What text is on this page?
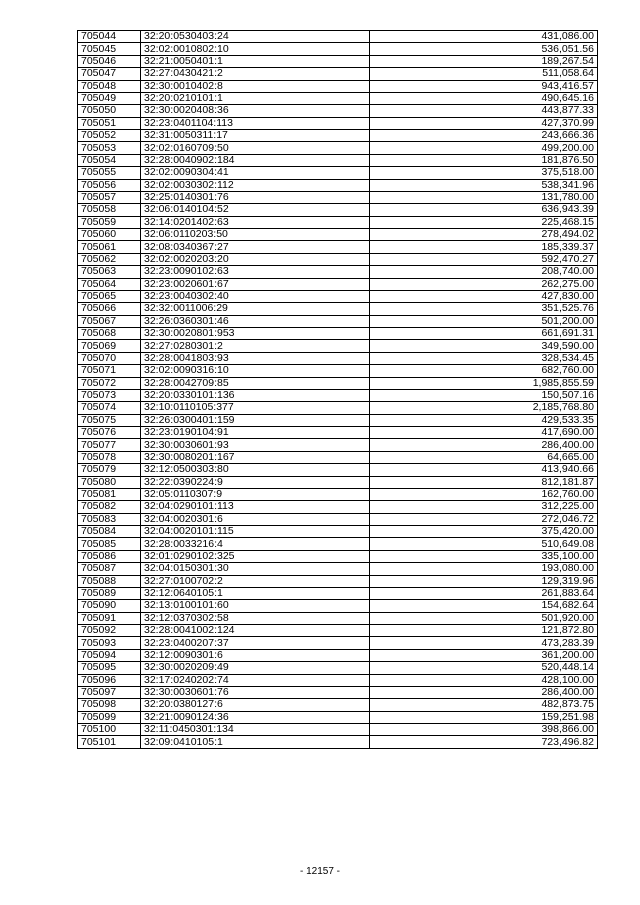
705044	32:20:0530403:24	431,086.00
705045	32:02:0010802:10	536,051.56
705046	32:21:0050401:1	189,267.54
705047	32:27:0430421:2	511,058.64
705048	32:30:0010402:8	943,416.57
705049	32:20:0210101:1	490,645.16
705050	32:30:0020408:36	443,877.33
705051	32:23:0401104:113	427,370.99
705052	32:31:0050311:17	243,666.36
705053	32:02:0160709:50	499,200.00
705054	32:28:0040902:184	181,876.50
705055	32:02:0090304:41	375,518.00
705056	32:02:0030302:112	538,341.96
705057	32:25:0140301:76	131,780.00
705058	32:06:0140104:52	636,943.39
705059	32:14:0201402:63	225,468.15
705060	32:06:0110203:50	278,494.02
705061	32:08:0340367:27	185,339.37
705062	32:02:0020203:20	592,470.27
705063	32:23:0090102:63	208,740.00
705064	32:23:0020601:67	262,275.00
705065	32:23:0040302:40	427,830.00
705066	32:32:0011006:29	351,525.76
705067	32:26:0360301:46	501,200.00
705068	32:30:0020801:953	661,691.31
705069	32:27:0280301:2	349,590.00
705070	32:28:0041803:93	328,534.45
705071	32:02:0090316:10	682,760.00
705072	32:28:0042709:85	1,985,855.59
705073	32:20:0330101:136	150,507.16
705074	32:10:0110105:377	2,185,768.80
705075	32:26:0300401:159	429,533.35
705076	32:23:0190104:91	417,690.00
705077	32:30:0030601:93	286,400.00
705078	32:30:0080201:167	64,665.00
705079	32:12:0500303:80	413,940.66
705080	32:22:0390224:9	812,181.87
705081	32:05:0110307:9	162,760.00
705082	32:04:0290101:113	312,225.00
705083	32:04:0020301:6	272,046.72
705084	32:04:0020101:115	375,420.00
705085	32:28:0033216:4	510,649.08
705086	32:01:0290102:325	335,100.00
705087	32:04:0150301:30	193,080.00
705088	32:27:0100702:2	129,319.96
705089	32:12:0640105:1	261,883.64
705090	32:13:0100101:60	154,682.64
705091	32:12:0370302:58	501,920.00
705092	32:28:0041002:124	121,872.80
705093	32:23:0400207:37	473,283.39
705094	32:12:0090301:6	361,200.00
705095	32:30:0020209:49	520,448.14
705096	32:17:0240202:74	428,100.00
705097	32:30:0030601:76	286,400.00
705098	32:20:0380127:6	482,873.75
705099	32:21:0090124:36	159,251.98
705100	32:11:0450301:134	398,866.00
705101	32:09:0410105:1	723,496.82
- 12157 -
